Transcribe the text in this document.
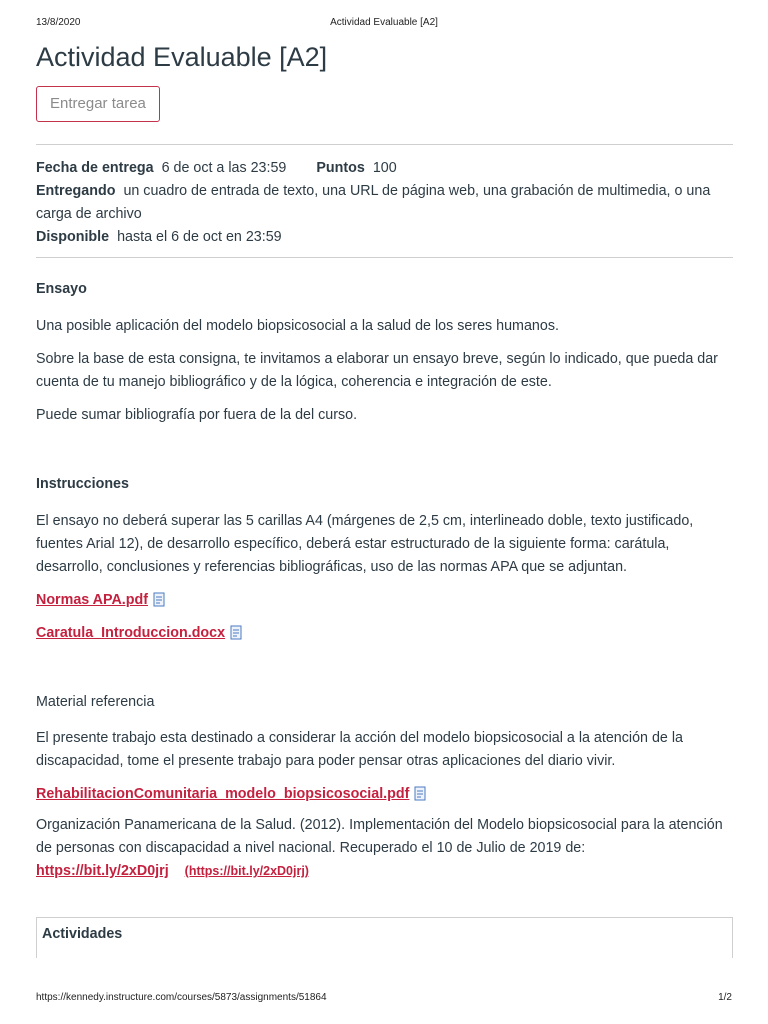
13/8/2020	Actividad Evaluable [A2]
Actividad Evaluable [A2]
Entregar tarea
Fecha de entrega 6 de oct a las 23:59 Puntos 100
Entregando un cuadro de entrada de texto, una URL de página web, una grabación de multimedia, o una carga de archivo
Disponible hasta el 6 de oct en 23:59

Ensayo

Una posible aplicación del modelo biopsicosocial a la salud de los seres humanos.

Sobre la base de esta consigna, te invitamos a elaborar un ensayo breve, según lo indicado, que pueda dar cuenta de tu manejo bibliográfico y de la lógica, coherencia e integración de este.

Puede sumar bibliografía por fuera de la del curso.

Instrucciones

El ensayo no deberá superar las 5 carillas A4 (márgenes de 2,5 cm, interlineado doble, texto justificado, fuentes Arial 12), de desarrollo específico, deberá estar estructurado de la siguiente forma: carátula, desarrollo, conclusiones y referencias bibliográficas, uso de las normas APA que se adjuntan.

Normas APA.pdf

Caratula_Introduccion.docx

Material referencia

El presente trabajo esta destinado a considerar la acción del modelo biopsicosocial a la atención de la discapacidad, tome el presente trabajo para poder pensar otras aplicaciones del diario vivir.

RehabilitacionComunitaria_modelo_biopsicosocial.pdf

Organización Panamericana de la Salud. (2012). Implementación del Modelo biopsicosocial para la atención de personas con discapacidad a nivel nacional. Recuperado el 10 de Julio de 2019 de:

https://bit.ly/2xD0jrj (https://bit.ly/2xD0jrj)

Actividades
https://kennedy.instructure.com/courses/5873/assignments/51864	1/2
